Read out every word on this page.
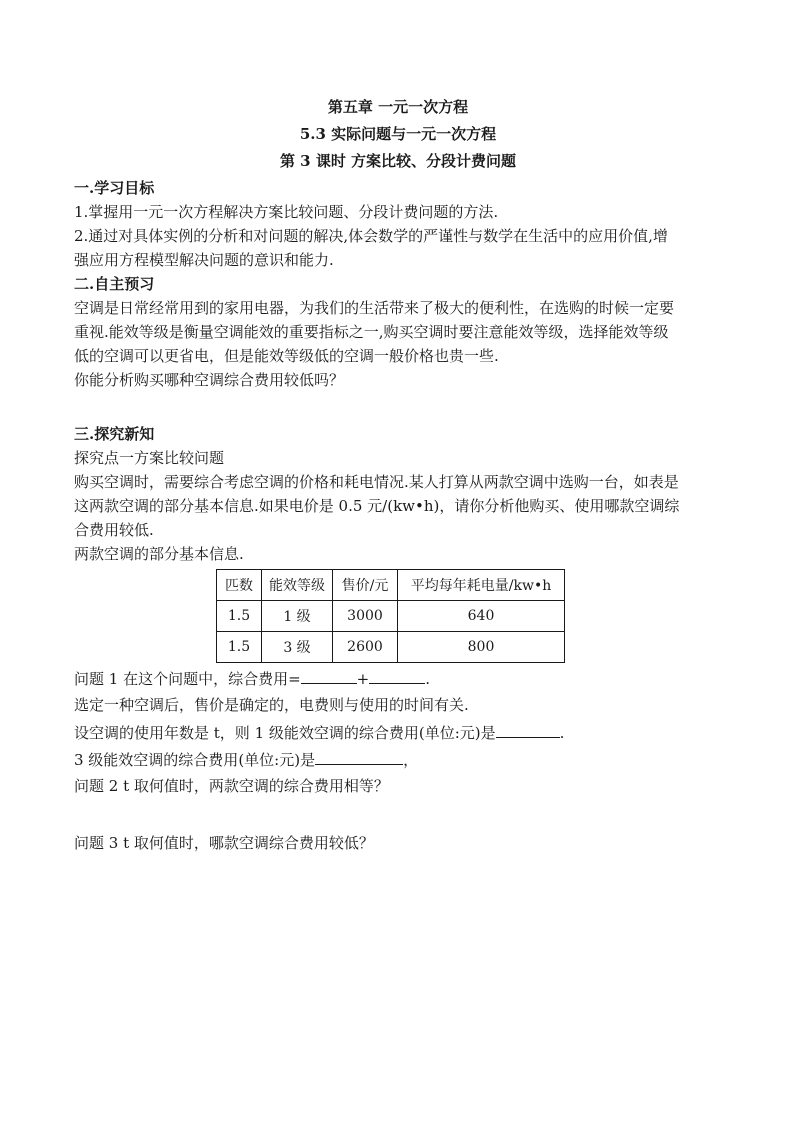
第五章 一元一次方程
5.3 实际问题与一元一次方程
第 3 课时 方案比较、分段计费问题
一.学习目标
1.掌握用一元一次方程解决方案比较问题、分段计费问题的方法.
2.通过对具体实例的分析和对问题的解决,体会数学的严谨性与数学在生活中的应用价值,增
强应用方程模型解决问题的意识和能力.
二.自主预习
空调是日常经常用到的家用电器，为我们的生活带来了极大的便利性，在选购的时候一定要
重视.能效等级是衡量空调能效的重要指标之一,购买空调时要注意能效等级，选择能效等级
低的空调可以更省电，但是能效等级低的空调一般价格也贵一些.
你能分析购买哪种空调综合费用较低吗？
三.探究新知
探究点一方案比较问题
购买空调时，需要综合考虑空调的价格和耗电情况.某人打算从两款空调中选购一台，如表是
这两款空调的部分基本信息.如果电价是 0.5 元/(kw•h)，请你分析他购买、使用哪款空调综
合费用较低.
两款空调的部分基本信息.
匹数	能效等级	售价/元	平均每年耗电量/kw•h
1.5	1 级	3000	640
1.5	3 级	2600	800
问题 1 在这个问题中，综合费用=	+	.
选定一种空调后，售价是确定的，电费则与使用的时间有关.
设空调的使用年数是 t，则 1 级能效空调的综合费用(单位:元)是	.
3 级能效空调的综合费用(单位:元)是	，
问题 2 t 取何值时，两款空调的综合费用相等？
问题 3 t 取何值时，哪款空调综合费用较低？
